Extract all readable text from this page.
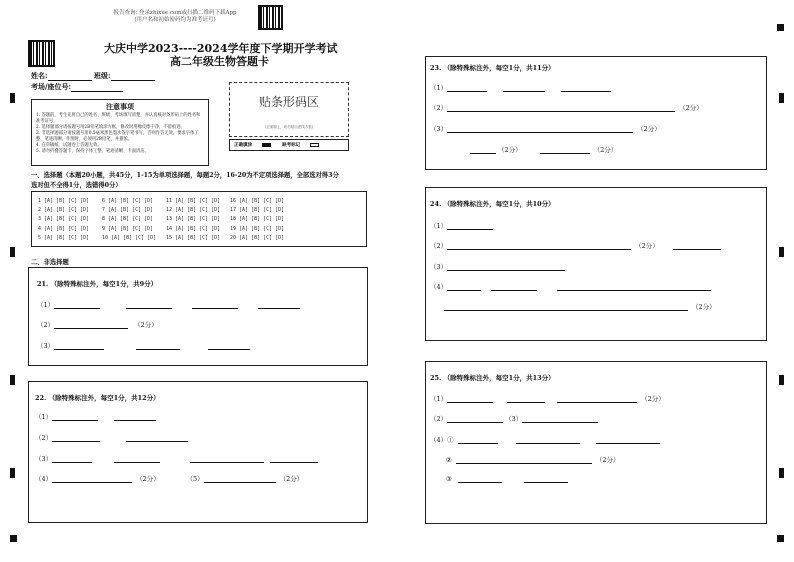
报告查询: 登录zhixue.com或扫描二维码下载App
(用户名和初始密码均为准考证号)
大庆中学2023----2024学年度下学期开学考试
高二年级生物答题卡
姓名:	班级:
考场/座位号:
注意事项
1. 答题前，考生先将自己的姓名、班级、考场填写清楚，并认真核对条形码上的姓名和准考证号。
2. 选择题部分请按题号用2B铅笔填涂方框，修改时用橡皮擦干净，不留痕迹。
3. 非选择题部分请按题号用0.5毫米黑色墨水签字笔书写，否则作答无效。要求字体工整、笔迹清晰。作图时，必须用2B铅笔，并描浓。
4. 在草稿纸、试题卷上答题无效。
5. 请勿折叠答题卡，保持字体工整、笔迹清晰、卡面清洁。
贴条形码区
(正面朝上，切勿贴出虚线方框)
正确填涂	缺考标记
一、选择题（本题20小题，共45分，1-15为单项选择题，每题2分，16-20为不定项选择题，全部选对得3分
选对但不全得1分，选错得0分）
1 [A] [B] [C] [D]	6 [A] [B] [C] [D]	11 [A] [B] [C] [D] 16 [A] [B] [C] [D]
2 [A] [B] [C] [D]	7 [A] [B] [C] [D]	12 [A] [B] [C] [D] 17 [A] [B] [C] [D]
3 [A] [B] [C] [D]	8 [A] [B] [C] [D]	13 [A] [B] [C] [D] 18 [A] [B] [C] [D]
4 [A] [B] [C] [D]	9 [A] [B] [C] [D]	14 [A] [B] [C] [D] 19 [A] [B] [C] [D]
5 [A] [B] [C] [D]	10 [A] [B] [C] [D] 15 [A] [B] [C] [D] 20 [A] [B] [C] [D]
二、非选择题
21. （除特殊标注外，每空1分，共9分）
（1）
（2）	（2分）
（3）
22. （除特殊标注外，每空1分，共12分）
（1）
（2）
（3）
（4）	（2分）	（5）	（2分）
23. （除特殊标注外，每空1分，共11分）
（1）
（2）	（2分）
（3）	（2分）
（2分）	（2分）
24. （除特殊标注外，每空1分，共10分）
（1）
（2）	（2分）
（3）
（4）
（2分）
25. （除特殊标注外，每空1分，共13分）
（1）	（2分）
（2）	（3）
（4）①
②	（2分）
③
